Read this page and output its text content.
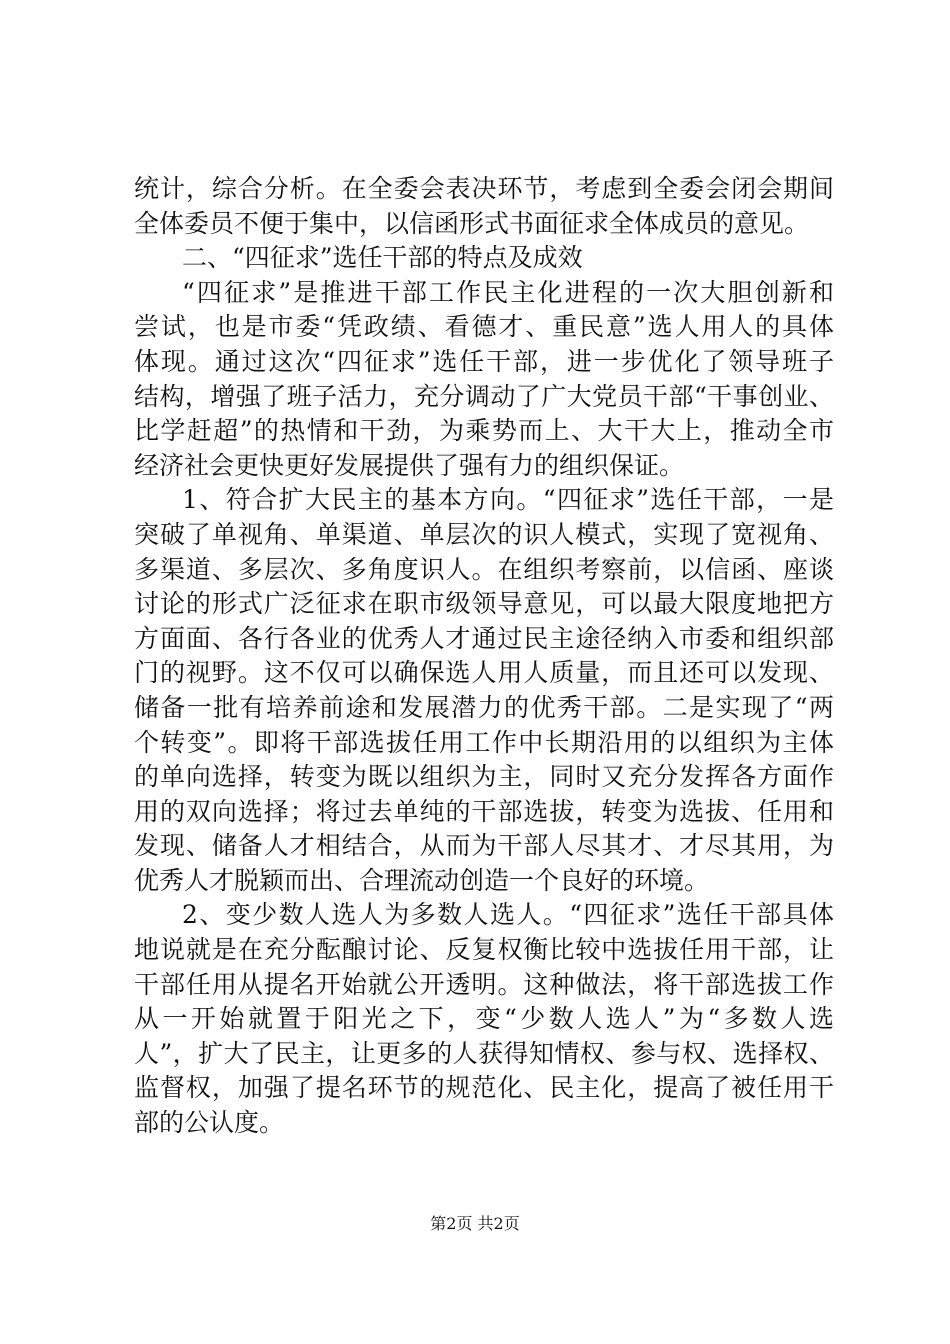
统计，综合分析。在全委会表决环节，考虑到全委会闭会期间
全体委员不便于集中，以信函形式书面征求全体成员的意见。
二、“四征求”选任干部的特点及成效
“四征求”是推进干部工作民主化进程的一次大胆创新和
尝试，也是市委“凭政绩、看德才、重民意”选人用人的具体
体现。通过这次“四征求”选任干部，进一步优化了领导班子
结构，增强了班子活力，充分调动了广大党员干部“干事创业、
比学赶超”的热情和干劲，为乘势而上、大干大上，推动全市
经济社会更快更好发展提供了强有力的组织保证。
1、符合扩大民主的基本方向。“四征求”选任干部，一是
突破了单视角、单渠道、单层次的识人模式，实现了宽视角、
多渠道、多层次、多角度识人。在组织考察前，以信函、座谈
讨论的形式广泛征求在职市级领导意见，可以最大限度地把方
方面面、各行各业的优秀人才通过民主途径纳入市委和组织部
门的视野。这不仅可以确保选人用人质量，而且还可以发现、
储备一批有培养前途和发展潜力的优秀干部。二是实现了“两
个转变”。即将干部选拔任用工作中长期沿用的以组织为主体
的单向选择，转变为既以组织为主，同时又充分发挥各方面作
用的双向选择；将过去单纯的干部选拔，转变为选拔、任用和
发现、储备人才相结合，从而为干部人尽其才、才尽其用，为
优秀人才脱颖而出、合理流动创造一个良好的环境。
2、变少数人选人为多数人选人。“四征求”选任干部具体
地说就是在充分酝酿讨论、反复权衡比较中选拔任用干部，让
干部任用从提名开始就公开透明。这种做法，将干部选拔工作
从一开始就置于阳光之下，变“少数人选人”为“多数人选
人”，扩大了民主，让更多的人获得知情权、参与权、选择权、
监督权，加强了提名环节的规范化、民主化，提高了被任用干
部的公认度。
第2页 共2页
